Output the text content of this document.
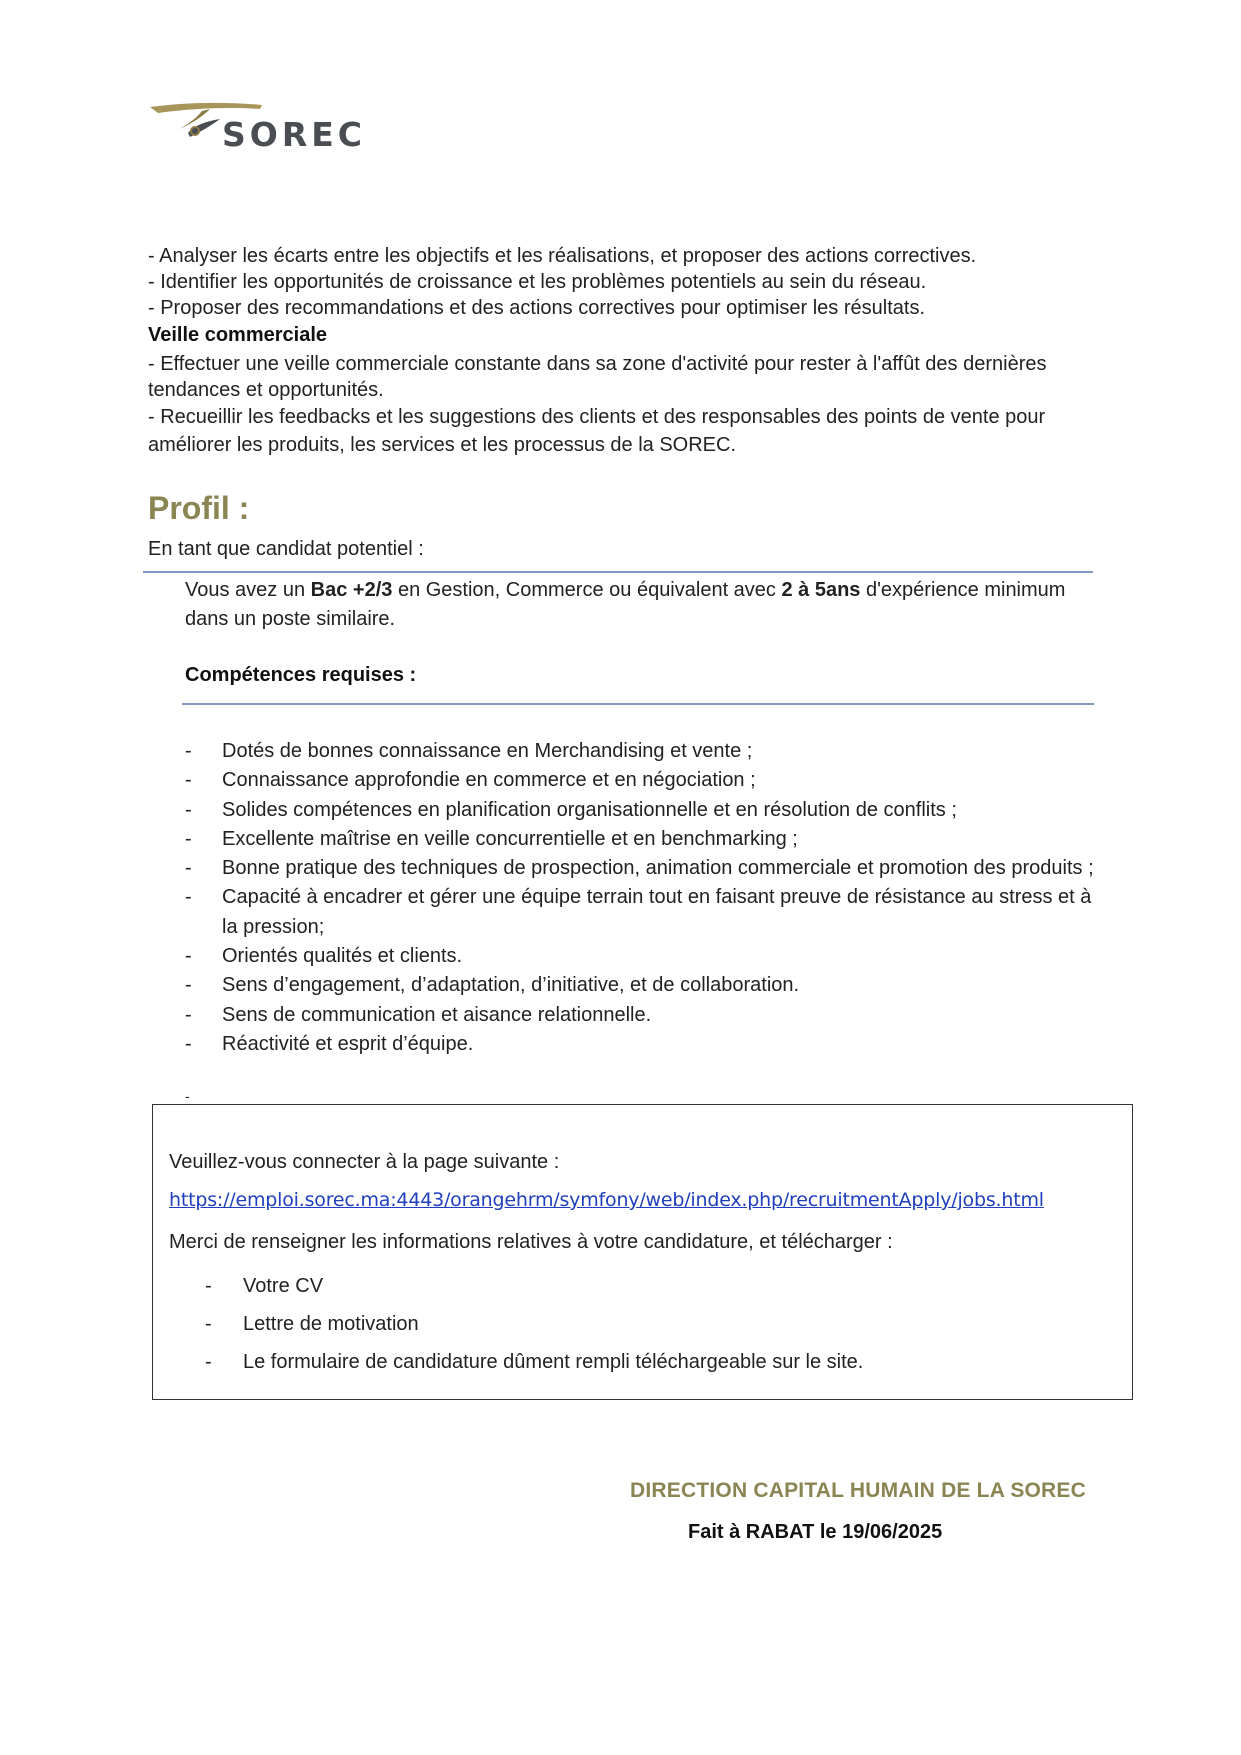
SOREC

- Analyser les écarts entre les objectifs et les réalisations, et proposer des actions correctives.

- Identifier les opportunités de croissance et les problèmes potentiels au sein du réseau.

- Proposer des recommandations et des actions correctives pour optimiser les résultats.

Veille commerciale

- Effectuer une veille commerciale constante dans sa zone d'activité pour rester à l'affût des dernières tendances et opportunités.

- Recueillir les feedbacks et les suggestions des clients et des responsables des points de vente pour améliorer les produits, les services et les processus de la SOREC.

Profil :
En tant que candidat potentiel :
Vous avez un Bac +2/3 en Gestion, Commerce ou équivalent avec 2 à 5ans d'expérience minimum dans un poste similaire.
Compétences requises :
- Dotés de bonnes connaissance en Merchandising et vente ;
- Connaissance approfondie en commerce et en négociation ;
- Solides compétences en planification organisationnelle et en résolution de conflits ;
- Excellente maîtrise en veille concurrentielle et en benchmarking ;
- Bonne pratique des techniques de prospection, animation commerciale et promotion des produits ;
- Capacité à encadrer et gérer une équipe terrain tout en faisant preuve de résistance au stress et à la pression;
- Orientés qualités et clients.
- Sens d’engagement, d’adaptation, d’initiative, et de collaboration.
- Sens de communication et aisance relationnelle.
- Réactivité et esprit d’équipe.
-
Veuillez-vous connecter à la page suivante :
https://emploi.sorec.ma:4443/orangehrm/symfony/web/index.php/recruitmentApply/jobs.html
Merci de renseigner les informations relatives à votre candidature, et télécharger :
- Votre CV
- Lettre de motivation
- Le formulaire de candidature dûment rempli téléchargeable sur le site.
DIRECTION CAPITAL HUMAIN DE LA SOREC
Fait à RABAT le 19/06/2025
